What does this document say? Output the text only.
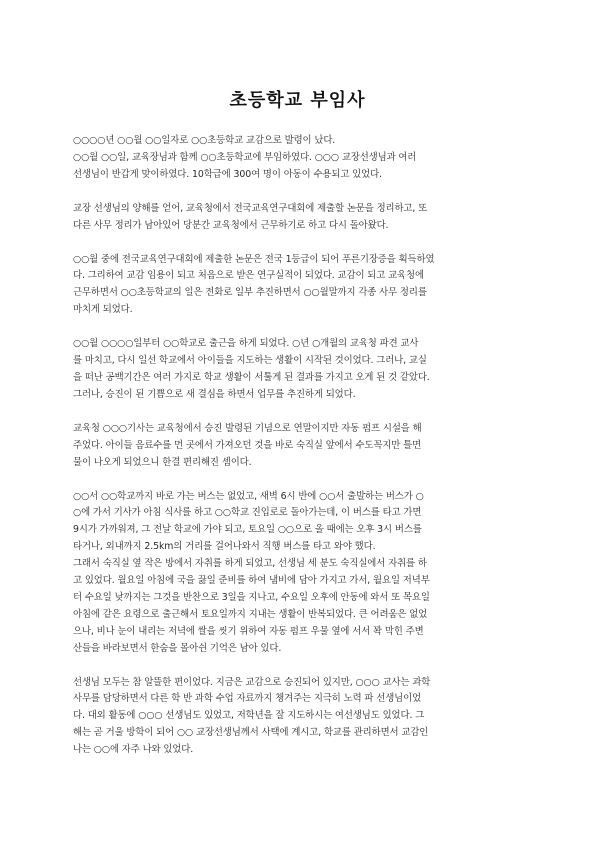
초등학교 부임사

○○○○년 ○○월 ○○일자로 ○○초등학교 교감으로 발령이 났다.
○○월 ○○일, 교육장님과 함께 ○○초등학교에 부임하였다. ○○○ 교장선생님과 여러
선생님이 반갑게 맞이하였다. 10학급에 300여 명이 아동이 수용되고 있었다.

교장 선생님의 양해를 얻어, 교육청에서 전국교육연구대회에 제출할 논문을 정리하고, 또
다른 사무 정리가 남아있어 당분간 교육청에서 근무하기로 하고 다시 돌아왔다.

○○월 중에 전국교육연구대회에 제출한 논문은 전국 1등급이 되어 푸른기장증을 획득하였
다. 그리하여 교감 임용이 되고 처음으로 받은 연구실적이 되었다. 교감이 되고 교육청에
근무하면서 ○○초등학교의 일은 전화로 일부 추진하면서 ○○월말까지 각종 사무 정리를
마치게 되었다.

○○월 ○○○○일부터 ○○학교로 출근을 하게 되었다. ○년 ○개월의 교육청 파견 교사
를 마치고, 다시 일선 학교에서 아이들을 지도하는 생활이 시작된 것이었다. 그러나, 교실
을 떠난 공백기간은 여러 가지로 학교 생활이 서툴게 된 결과를 가지고 오게 된 것 같았다.
그러나, 승진이 된 기쁨으로 새 결심을 하면서 업무를 추진하게 되었다.

교육청 ○○○기사는 교육청에서 승진 발령된 기념으로 연말이지만 자동 펌프 시설을 해
주었다. 아이들 음료수를 먼 곳에서 가져오던 것을 바로 숙직실 앞에서 수도꼭지만 틀면
물이 나오게 되었으니 한결 편리해진 셈이다.

○○서 ○○학교까지 바로 가는 버스는 없었고, 새벽 6시 반에 ○○서 출발하는 버스가 ○
○에 가서 기사가 아침 식사를 하고 ○○학교 진입로로 돌아가는데, 이 버스를 타고 가면
9시가 가까워져, 그 전날 학교에 가야 되고, 토요일 ○○으로 올 때에는 오후 3시 버스를
타거나, 외내까지 2.5km의 거리를 걸어나와서 직행 버스를 타고 와야 했다.
그래서 숙직실 옆 작은 방에서 자취를 하게 되었고, 선생님 세 분도 숙직실에서 자취를 하
고 있었다. 월요일 아침에 국을 끓일 준비를 하여 냄비에 담아 가지고 가서, 월요일 저녁부
터 수요일 낮까지는 그것을 반찬으로 3일을 지나고, 수요일 오후에 안동에 와서 또 목요일
아침에 같은 요령으로 출근해서 토요일까지 지내는 생활이 반복되었다. 큰 어려움은 없었
으나, 비나 눈이 내리는 저녁에 쌀을 씻기 위하여 자동 펌프 우물 옆에 서서 꽉 막힌 주변
산들을 바라보면서 한숨을 몰아쉰 기억은 남아 있다.

선생님 모두는 참 알뜰한 편이었다. 지금은 교감으로 승진되어 있지만, ○○○ 교사는 과학
사무를 담당하면서 다른 학 반 과학 수업 자료까지 챙겨주는 지극히 노력 파 선생님이었
다. 대외 활동에 ○○○ 선생님도 있었고, 저학년을 잘 지도하시는 여선생님도 있었다. 그
해는 곧 거울 방학이 되어 ○○ 교장선생님께서 사택에 계시고, 학교를 관리하면서 교감인
나는 ○○에 자주 나와 있었다.
